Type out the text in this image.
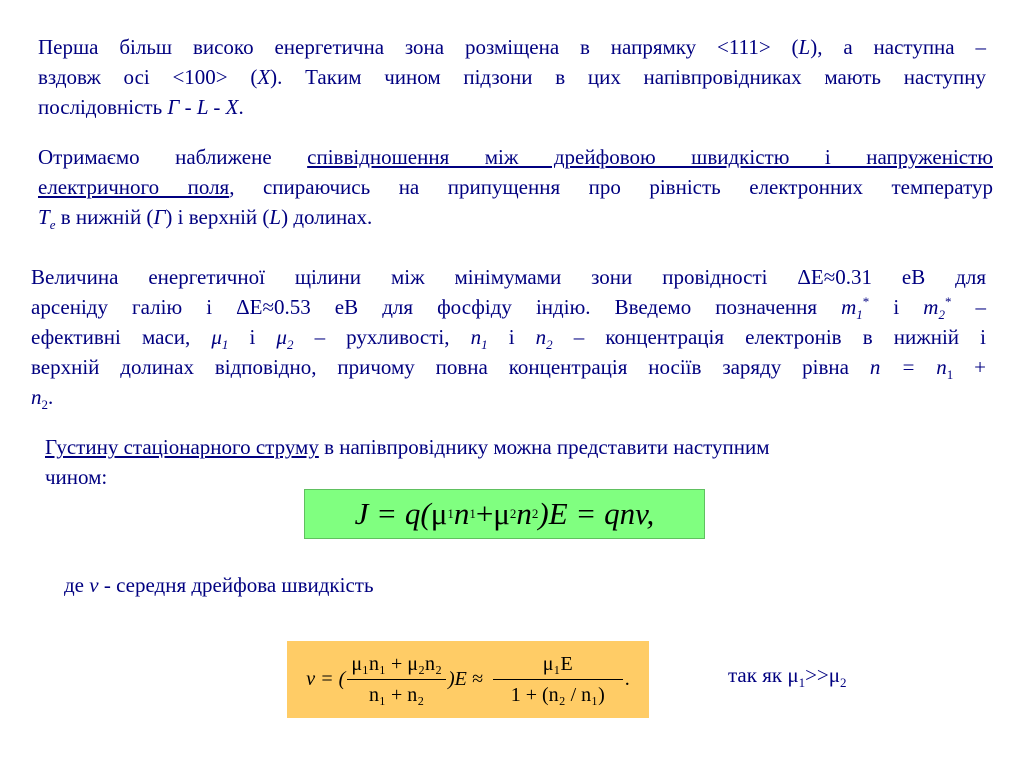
Перша більш високо енергетична зона розміщена в напрямку <111> (L), а наступна –
вздовж осі <100> (X). Таким чином підзони в цих напівпровідниках мають наступну
послідовність Γ - L - X.
Отримаємо наближене співвідношення між дрейфовою швидкістю і напруженістю
електричного поля, спираючись на припущення про рівність електронних температур
$T_e$ в нижній (Γ) і верхній (L) долинах.
Величина енергетичної щілини між мінімумами зони провідності ΔE≈0.31 еВ для
арсеніду галію і ΔE≈0.53 еВ для фосфіду індію. Введемо позначення $m_1^*$ і $m_2^*$ –
ефективні маси, $\mu_1$ і $\mu_2$ – рухливості, $n_1$ і $n_2$ – концентрація електронів в нижній і
верхній долинах відповідно, причому повна концентрація носіїв заряду рівна $n = n_1$ +
$n_2$.
Густину стаціонарного струму в напівпровіднику можна представити наступним
чином:
J = q( μ 1 n 1 + μ 2 n 2 )E = qnv,
де v - середня дрейфова швидкість
v = ( $\frac{\text{μ₁n₁ + μ₂n₂}}{\text{n₁ + n₂}} )E \approx \frac{\text{μ₁E}}{\text{1 + (n₂ / n₁)}}$ .	так як $\mu_1>>\mu_2$
